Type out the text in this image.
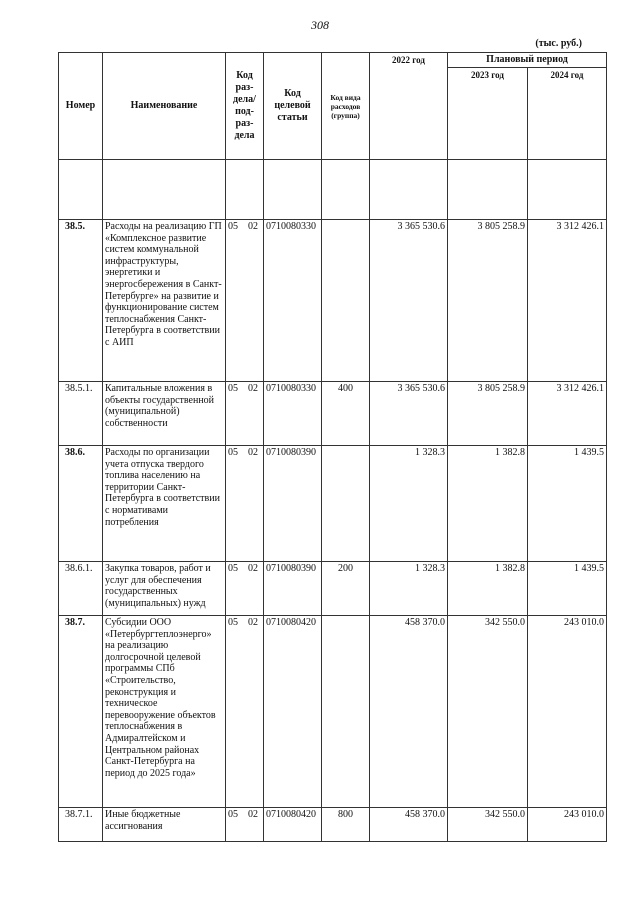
308
(тыс. руб.)
Номер	Наименование	Код раз-дела/ под-раз-дела	Код целевой статьи	Код вида расходов (группа)	2022 год	Плановый период	
						2023 год	2024 год

38.5.	Расходы на реализацию ГП «Комплексное развитие систем коммунальной инфраструктуры, энергетики и энергосбережения в Санкт-Петербурге» на развитие и функционирование систем теплоснабжения Санкт-Петербурга в соответствии с АИП	05 02	0710080330		3 365 530.6	3 805 258.9	3 312 426.1
38.5.1.	Капитальные вложения в объекты государственной (муниципальной) собственности	05 02	0710080330	400	3 365 530.6	3 805 258.9	3 312 426.1
38.6.	Расходы по организации учета отпуска твердого топлива населению на территории Санкт-Петербурга в соответствии с нормативами потребления	05 02	0710080390		1 328.3	1 382.8	1 439.5
38.6.1.	Закупка товаров, работ и услуг для обеспечения государственных (муниципальных) нужд	05 02	0710080390	200	1 328.3	1 382.8	1 439.5
38.7.	Субсидии ООО «Петербургтеплоэнерго» на реализацию долгосрочной целевой программы СПб «Строительство, реконструкция и техническое перевооружение объектов теплоснабжения в Адмиралтейском и Центральном районах Санкт-Петербурга на период до 2025 года»	05 02	0710080420		458 370.0	342 550.0	243 010.0
38.7.1.	Иные бюджетные ассигнования	05 02	0710080420	800	458 370.0	342 550.0	243 010.0
